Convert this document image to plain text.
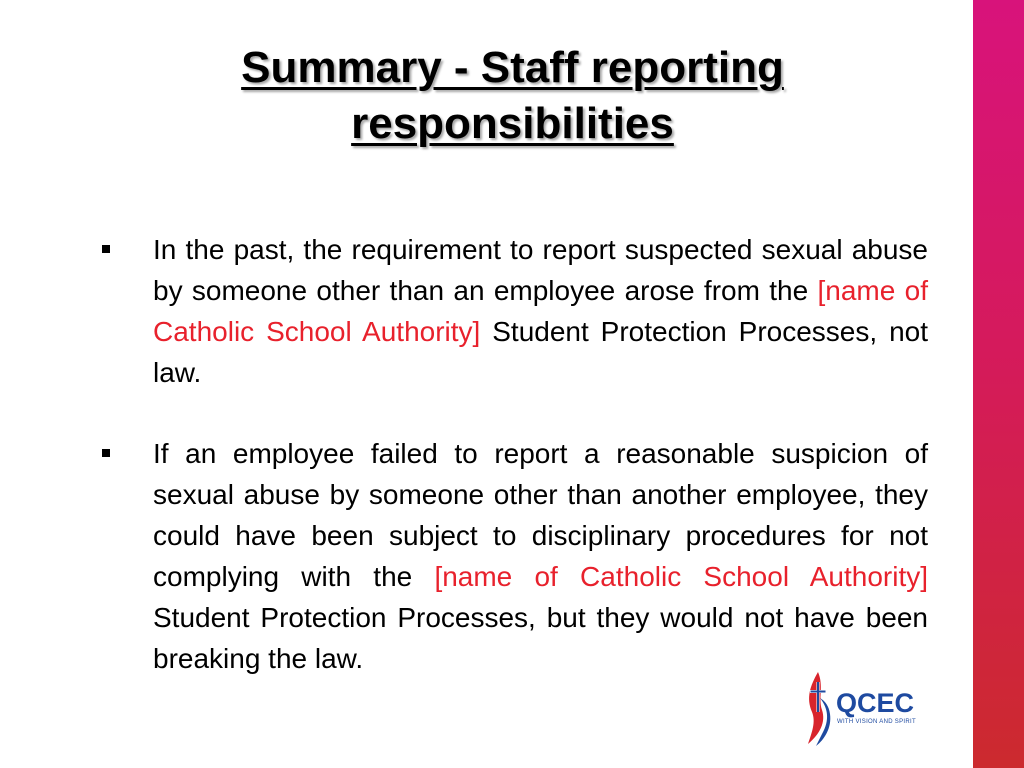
Summary - Staff reporting responsibilities
In the past, the requirement to report suspected sexual abuse by someone other than an employee arose from the [name of Catholic School Authority] Student Protection Processes, not law.
If an employee failed to report a reasonable suspicion of sexual abuse by someone other than another employee, they could have been subject to disciplinary procedures for not complying with the [name of Catholic School Authority] Student Protection Processes, but they would not have been breaking the law.
QCEC
WITH VISION AND SPIRIT
